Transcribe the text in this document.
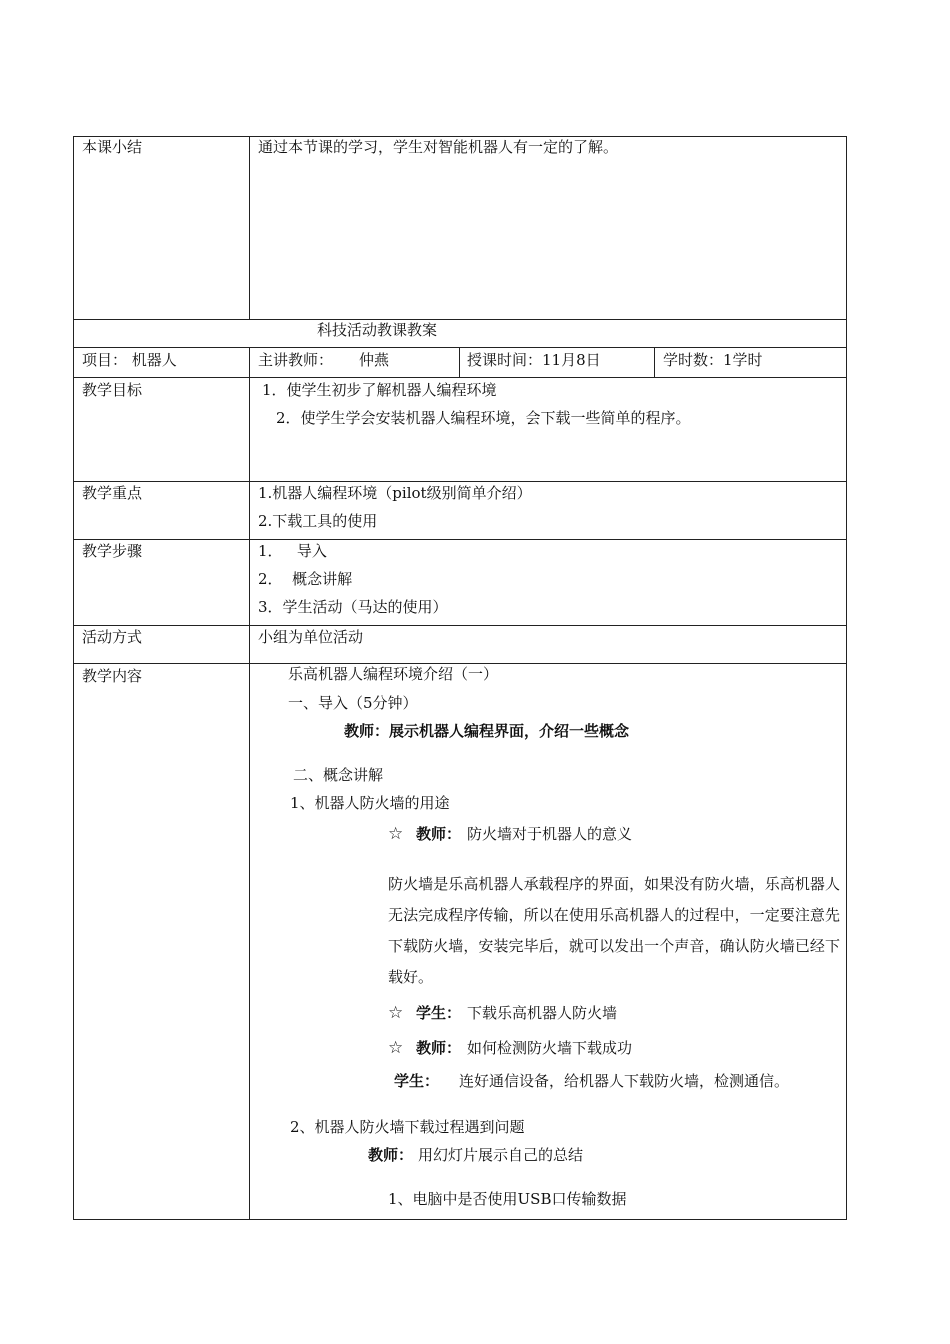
本课小结	通过本节课的学习，学生对智能机器人有一定的了解。
科技活动教课教案
项目： 机器人	主讲教师： 仲燕	授课时间：11月8日	学时数：1学时
教学目标	1．使学生初步了解机器人编程环境
2．使学生学会安装机器人编程环境，会下载一些简单的程序。
教学重点	1.机器人编程环境（pilot级别简单介绍）
2.下载工具的使用
教学步骤	1．   导入
2．  概念讲解
3．学生活动（马达的使用）
活动方式	小组为单位活动
教学内容	乐高机器人编程环境介绍（一）
一、导入（5分钟）
教师：展示机器人编程界面，介绍一些概念
二、概念讲解
1、机器人防火墙的用途
☆ 教师： 防火墙对于机器人的意义
防火墙是乐高机器人承载程序的界面，如果没有防火墙，乐高机器人无法完成程序传输，所以在使用乐高机器人的过程中，一定要注意先下载防火墙，安装完毕后，就可以发出一个声音，确认防火墙已经下载好。
☆ 学生： 下载乐高机器人防火墙
☆ 教师： 如何检测防火墙下载成功
学生： 连好通信设备，给机器人下载防火墙，检测通信。
2、机器人防火墙下载过程遇到问题
教师： 用幻灯片展示自己的总结
1、电脑中是否使用USB口传输数据
